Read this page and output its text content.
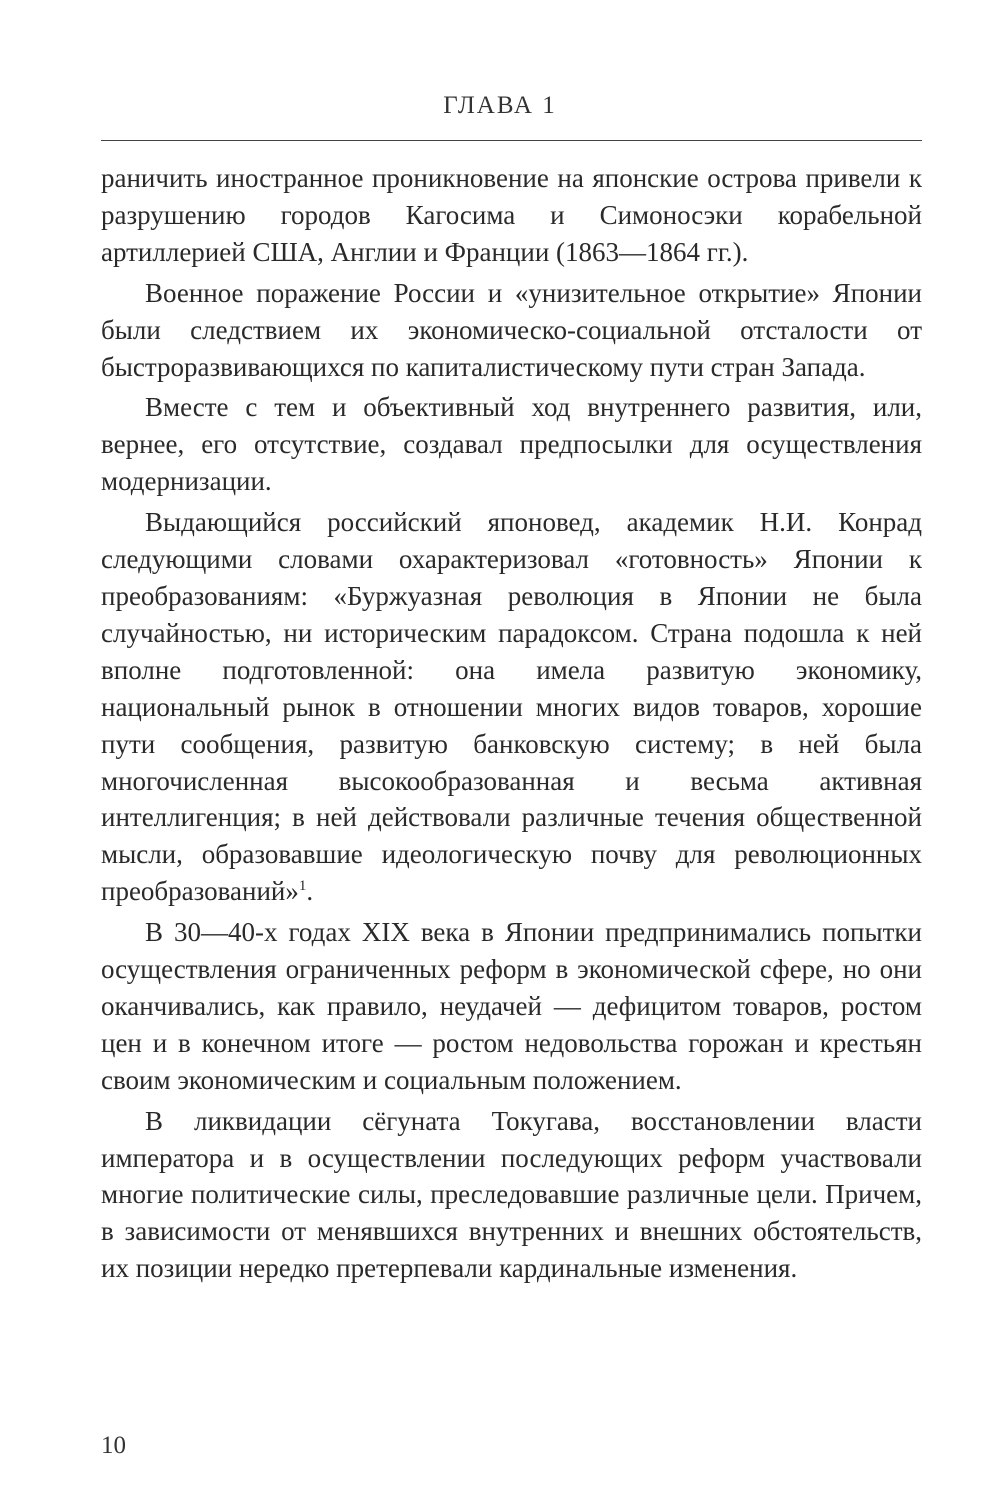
ГЛАВА 1

раничить иностранное проникновение на японские острова привели к разрушению городов Кагосима и Симоносэки корабельной артиллерией США, Англии и Франции (1863—1864 гг.).

Военное поражение России и «унизительное открытие» Японии были следствием их экономическо-социальной отсталости от быстроразвивающихся по капиталистическому пути стран Запада.

Вместе с тем и объективный ход внутреннего развития, или, вернее, его отсутствие, создавал предпосылки для осуществления модернизации.

Выдающийся российский японовед, академик Н.И. Конрад следующими словами охарактеризовал «готовность» Японии к преобразованиям: «Буржуазная революция в Японии не была случайностью, ни историческим парадоксом. Страна подошла к ней вполне подготовленной: она имела развитую экономику, национальный рынок в отношении многих видов товаров, хорошие пути сообщения, развитую банковскую систему; в ней была многочисленная высокообразованная и весьма активная интеллигенция; в ней действовали различные течения общественной мысли, образовавшие идеологическую почву для революционных преобразований»$^1$.

В 30—40-х годах XIX века в Японии предпринимались попытки осуществления ограниченных реформ в экономической сфере, но они оканчивались, как правило, неудачей — дефицитом товаров, ростом цен и в конечном итоге — ростом недовольства горожан и крестьян своим экономическим и социальным положением.

В ликвидации сёгуната Токугава, восстановлении власти императора и в осуществлении последующих реформ участвовали многие политические силы, преследовавшие различные цели. Причем, в зависимости от менявшихся внутренних и внешних обстоятельств, их позиции нередко претерпевали кардинальные изменения.

10
